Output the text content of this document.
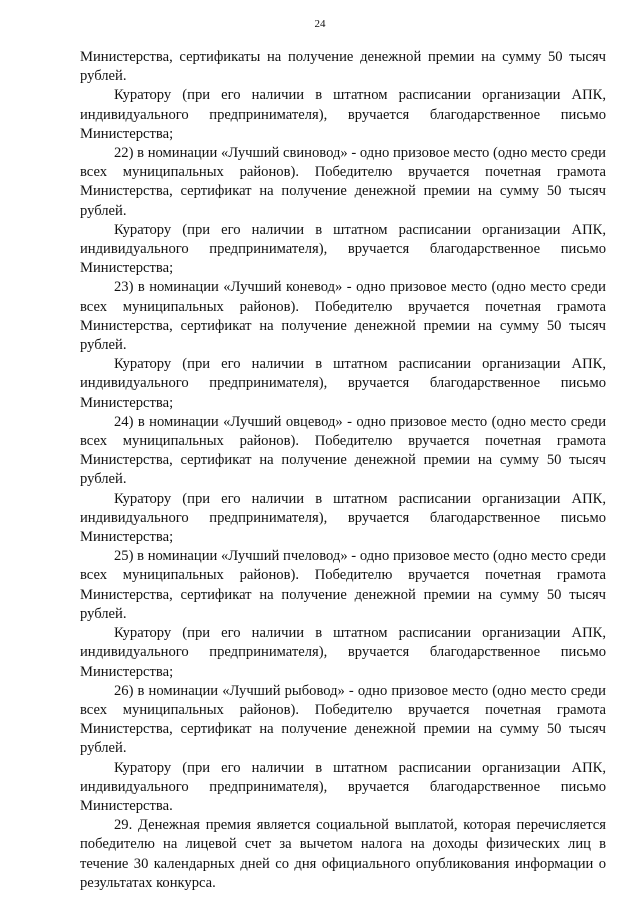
24

Министерства, сертификаты на получение денежной премии на сумму 50 тысяч рублей.

Куратору (при его наличии в штатном расписании организации АПК, индивидуального предпринимателя), вручается благодарственное письмо Министерства;

22) в номинации «Лучший свиновод» - одно призовое место (одно место среди всех муниципальных районов). Победителю вручается почетная грамота Министерства, сертификат на получение денежной премии на сумму 50 тысяч рублей.

Куратору (при его наличии в штатном расписании организации АПК, индивидуального предпринимателя), вручается благодарственное письмо Министерства;

23) в номинации «Лучший коневод» - одно призовое место (одно место среди всех муниципальных районов). Победителю вручается почетная грамота Министерства, сертификат на получение денежной премии на сумму 50 тысяч рублей.

Куратору (при его наличии в штатном расписании организации АПК, индивидуального предпринимателя), вручается благодарственное письмо Министерства;

24) в номинации «Лучший овцевод» - одно призовое место (одно место среди всех муниципальных районов). Победителю вручается почетная грамота Министерства, сертификат на получение денежной премии на сумму 50 тысяч рублей.

Куратору (при его наличии в штатном расписании организации АПК, индивидуального предпринимателя), вручается благодарственное письмо Министерства;

25) в номинации «Лучший пчеловод» - одно призовое место (одно место среди всех муниципальных районов). Победителю вручается почетная грамота Министерства, сертификат на получение денежной премии на сумму 50 тысяч рублей.

Куратору (при его наличии в штатном расписании организации АПК, индивидуального предпринимателя), вручается благодарственное письмо Министерства;

26) в номинации «Лучший рыбовод» - одно призовое место (одно место среди всех муниципальных районов). Победителю вручается почетная грамота Министерства, сертификат на получение денежной премии на сумму 50 тысяч рублей.

Куратору (при его наличии в штатном расписании организации АПК, индивидуального предпринимателя), вручается благодарственное письмо Министерства.

29. Денежная премия является социальной выплатой, которая перечисляется победителю на лицевой счет за вычетом налога на доходы физических лиц в течение 30 календарных дней со дня официального опубликования информации о результатах конкурса.
